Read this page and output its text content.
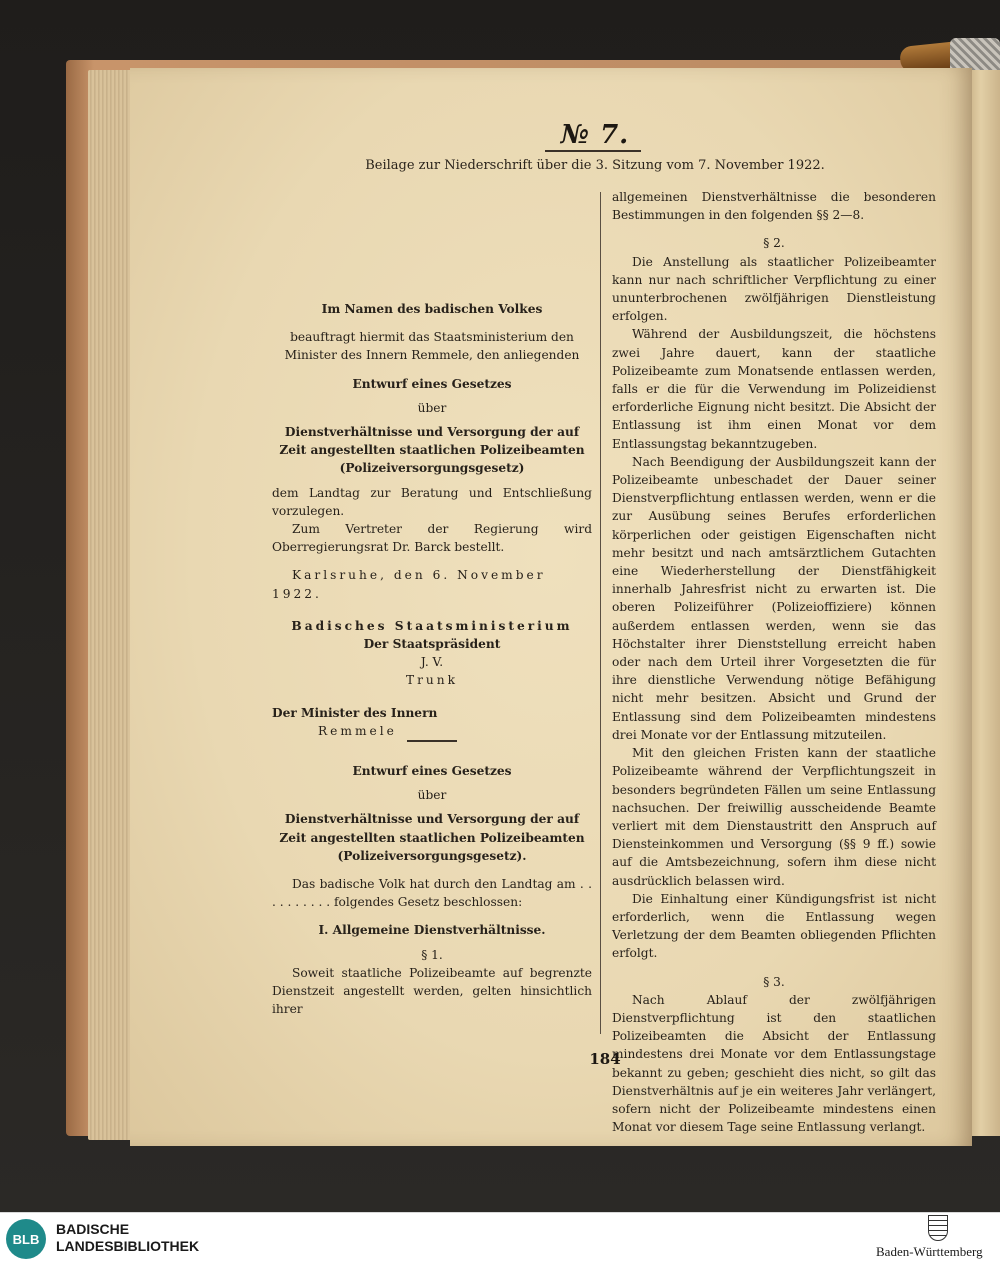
№ 7.
Beilage zur Niederschrift über die 3. Sitzung vom 7. November 1922.
Im Namen des badischen Volkes
beauftragt hiermit das Staatsministerium den Minister des Innern Remmele, den anliegenden
Entwurf eines Gesetzes
über
Dienstverhältnisse und Versorgung der auf Zeit angestellten staatlichen Polizeibeamten (Polizeiversorgungsgesetz)
dem Landtag zur Beratung und Entschließung vorzulegen.
Zum Vertreter der Regierung wird Oberregierungsrat Dr. Barck bestellt.
Karlsruhe, den 6. November 1922.
Badisches Staatsministerium
Der Staatspräsident
J. V.
Trunk
Der Minister des Innern
Remmele
Entwurf eines Gesetzes
über
Dienstverhältnisse und Versorgung der auf Zeit angestellten staatlichen Polizeibeamten (Polizeiversorgungsgesetz).
Das badische Volk hat durch den Landtag am . . . . . . . . . . folgendes Gesetz beschlossen:
I. Allgemeine Dienstverhältnisse.
§ 1.
Soweit staatliche Polizeibeamte auf begrenzte Dienstzeit angestellt werden, gelten hinsichtlich ihrer
allgemeinen Dienstverhältnisse die besonderen Bestimmungen in den folgenden §§ 2—8.
§ 2.
Die Anstellung als staatlicher Polizeibeamter kann nur nach schriftlicher Verpflichtung zu einer ununterbrochenen zwölfjährigen Dienstleistung erfolgen.
Während der Ausbildungszeit, die höchstens zwei Jahre dauert, kann der staatliche Polizeibeamte zum Monatsende entlassen werden, falls er die für die Verwendung im Polizeidienst erforderliche Eignung nicht besitzt. Die Absicht der Entlassung ist ihm einen Monat vor dem Entlassungstag bekanntzugeben.
Nach Beendigung der Ausbildungszeit kann der Polizeibeamte unbeschadet der Dauer seiner Dienstverpflichtung entlassen werden, wenn er die zur Ausübung seines Berufes erforderlichen körperlichen oder geistigen Eigenschaften nicht mehr besitzt und nach amtsärztlichem Gutachten eine Wiederherstellung der Dienstfähigkeit innerhalb Jahresfrist nicht zu erwarten ist. Die oberen Polizeiführer (Polizeioffiziere) können außerdem entlassen werden, wenn sie das Höchstalter ihrer Dienststellung erreicht haben oder nach dem Urteil ihrer Vorgesetzten die für ihre dienstliche Verwendung nötige Befähigung nicht mehr besitzen. Absicht und Grund der Entlassung sind dem Polizeibeamten mindestens drei Monate vor der Entlassung mitzuteilen.
Mit den gleichen Fristen kann der staatliche Polizeibeamte während der Verpflichtungszeit in besonders begründeten Fällen um seine Entlassung nachsuchen. Der freiwillig ausscheidende Beamte verliert mit dem Dienstaustritt den Anspruch auf Diensteinkommen und Versorgung (§§ 9 ff.) sowie auf die Amtsbezeichnung, sofern ihm diese nicht ausdrücklich belassen wird.
Die Einhaltung einer Kündigungsfrist ist nicht erforderlich, wenn die Entlassung wegen Verletzung der dem Beamten obliegenden Pflichten erfolgt.
§ 3.
Nach Ablauf der zwölfjährigen Dienstverpflichtung ist den staatlichen Polizeibeamten die Absicht der Entlassung mindestens drei Monate vor dem Entlassungstage bekannt zu geben; geschieht dies nicht, so gilt das Dienstverhältnis auf je ein weiteres Jahr verlängert, sofern nicht der Polizeibeamte mindestens einen Monat vor diesem Tage seine Entlassung verlangt.
184
BLB
BADISCHE
LANDESBIBLIOTHEK	Baden-Württemberg
